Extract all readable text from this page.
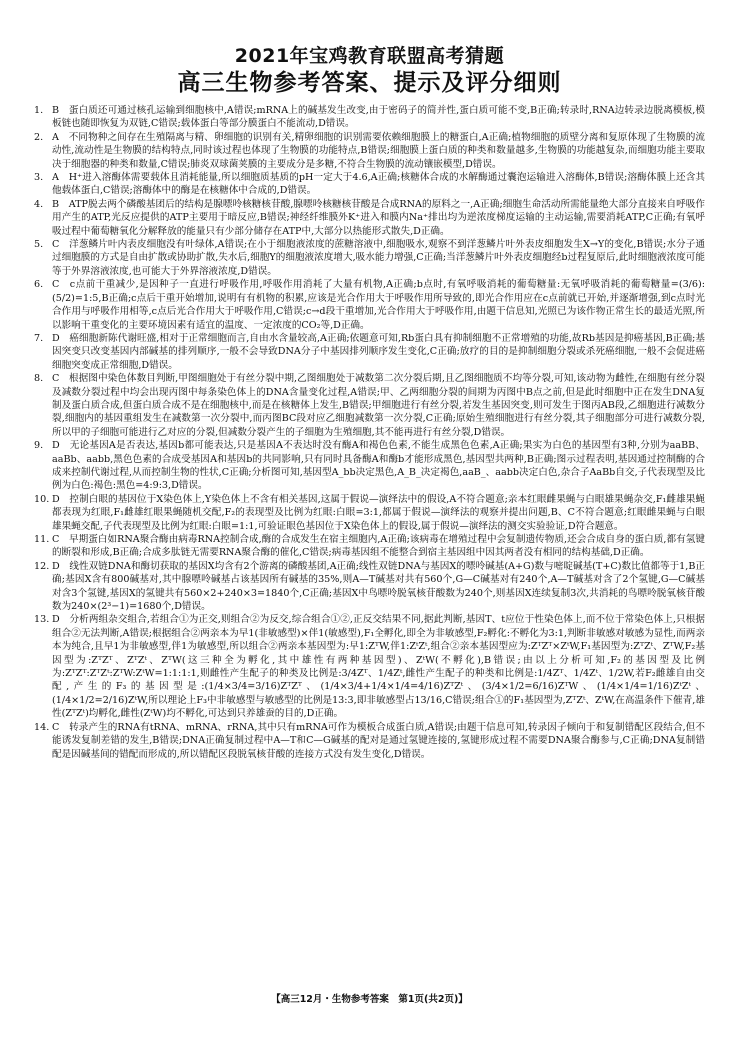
2021年宝鸡教育联盟高考猜题
高三生物参考答案、提示及评分细则
1. B　蛋白质还可通过核孔运输到细胞核中,A错误;mRNA上的碱基发生改变,由于密码子的简并性,蛋白质可能不变,B正确;转录时,RNA边转录边脱离模板,模板链也随即恢复为双链,C错误;载体蛋白等部分膜蛋白不能流动,D错误。
2. A　不同物种之间存在生殖隔离与精、卵细胞的识别有关,精卵细胞的识别需要依赖细胞膜上的糖蛋白,A正确;植物细胞的质壁分离和复原体现了生物膜的流动性,流动性是生物膜的结构特点,同时该过程也体现了生物膜的功能特点,B错误;细胞膜上蛋白质的种类和数量越多,生物膜的功能越复杂,而细胞功能主要取决于细胞器的种类和数量,C错误;肺炎双球菌荚膜的主要成分是多糖,不符合生物膜的流动镶嵌模型,D错误。
3. A　H⁺进入溶酶体需要载体且消耗能量,所以细胞质基质的pH一定大于4.6,A正确;核糖体合成的水解酶通过囊泡运输进入溶酶体,B错误;溶酶体膜上还含其他载体蛋白,C错误;溶酶体中的酶是在核糖体中合成的,D错误。
4. B　ATP脱去两个磷酸基团后的结构是腺嘌呤核糖核苷酸,腺嘌呤核糖核苷酸是合成RNA的原料之一,A正确;细胞生命活动所需能量绝大部分直接来自呼吸作用产生的ATP,光反应提供的ATP主要用于暗反应,B错误;神经纤维膜外K⁺进入和膜内Na⁺排出均为逆浓度梯度运输的主动运输,需要消耗ATP,C正确;有氧呼吸过程中葡萄糖氧化分解释放的能量只有少部分储存在ATP中,大部分以热能形式散失,D正确。
5. C　洋葱鳞片叶内表皮细胞没有叶绿体,A错误;在小于细胞液浓度的蔗糖溶液中,细胞吸水,观察不到洋葱鳞片叶外表皮细胞发生X→Y的变化,B错误;水分子通过细胞膜的方式是自由扩散或协助扩散,失水后,细胞Y的细胞液浓度增大,吸水能力增强,C正确;当洋葱鳞片叶外表皮细胞经b过程复原后,此时细胞液浓度可能等于外界溶液浓度,也可能大于外界溶液浓度,D错误。
6. C　c点前干重减少,是因种子一直进行呼吸作用,呼吸作用消耗了大量有机物,A正确;b点时,有氧呼吸消耗的葡萄糖量:无氧呼吸消耗的葡萄糖量=(3/6):(5/2)=1:5,B正确;c点后干重开始增加,说明有有机物的积累,应该是光合作用大于呼吸作用所导致的,即光合作用应在c点前就已开始,并逐渐增强,到c点时光合作用与呼吸作用相等,c点后光合作用大于呼吸作用,C错误;c→d段干重增加,光合作用大于呼吸作用,由题干信息知,光照已为该作物正常生长的最适光照,所以影响干重变化的主要环境因素有适宜的温度、一定浓度的CO₂等,D正确。
7. D　癌细胞新陈代谢旺盛,相对于正常细胞而言,自由水含量较高,A正确;依题意可知,Rb蛋白具有抑制细胞不正常增殖的功能,故Rb基因是抑癌基因,B正确;基因突变只改变基因内部碱基的排列顺序,一般不会导致DNA分子中基因排列顺序发生变化,C正确;放疗的目的是抑制细胞分裂或杀死癌细胞,一般不会促进癌细胞突变成正常细胞,D错误。
8. C　根据图中染色体数目判断,甲图细胞处于有丝分裂中期,乙图细胞处于减数第二次分裂后期,且乙图细胞质不均等分裂,可知,该动物为雌性,在细胞有丝分裂及减数分裂过程中均会出现丙图中每条染色体上的DNA含量变化过程,A错误;甲、乙两细胞分裂的间期为丙图中B点之前,但是此时细胞中正在发生DNA复制及蛋白质合成,但蛋白质合成不是在细胞核中,而是在核糖体上发生,B错误;甲细胞进行有丝分裂,若发生基因突变,则可发生于图丙AB段,乙细胞进行减数分裂,细胞内的基因重组发生在减数第一次分裂中,而丙图BC段对应乙细胞减数第一次分裂,C正确;原始生殖细胞进行有丝分裂,其子细胞部分可进行减数分裂,所以甲的子细胞可能进行乙对应的分裂,但减数分裂产生的子细胞为生殖细胞,其不能再进行有丝分裂,D错误。
9. D　无论基因A是否表达,基因b都可能表达,只是基因A不表达时没有酶A和褐色色素,不能生成黑色色素,A正确;果实为白色的基因型有3种,分别为aaBB、aaBb、aabb,黑色色素的合成受基因A和基因b的共同影响,只有同时具备酶A和酶b才能形成黑色,基因型共两种,B正确;图示过程表明,基因通过控制酶的合成来控制代谢过程,从而控制生物的性状,C正确;分析图可知,基因型A_bb决定黑色,A_B_决定褐色,aaB_、aabb决定白色,杂合子AaBb自交,子代表现型及比例为白色:褐色:黑色=4:9:3,D错误。
10. D　控制白眼的基因位于X染色体上,Y染色体上不含有相关基因,这属于假说—演绎法中的假设,A不符合题意;亲本红眼雌果蝇与白眼雄果蝇杂交,F₁雌雄果蝇都表现为红眼,F₁雌雄红眼果蝇随机交配,F₂的表现型及比例为红眼:白眼=3:1,都属于假说—演绎法的观察并提出问题,B、C不符合题意;红眼雌果蝇与白眼雄果蝇交配,子代表现型及比例为红眼:白眼=1:1,可验证眼色基因位于X染色体上的假设,属于假说—演绎法的测交实验验证,D符合题意。
11. C　早期蛋白如RNA聚合酶由病毒RNA控制合成,酶的合成发生在宿主细胞内,A正确;该病毒在增殖过程中会复制遗传物质,还会合成自身的蛋白质,都有氢键的断裂和形成,B正确;合成多肽链无需要RNA聚合酶的催化,C错误;病毒基因组不能整合到宿主基因组中因其两者没有相同的结构基础,D正确。
12. D　线性双链DNA和酶切获取的基因X均含有2个游离的磷酸基团,A正确;线性双链DNA与基因X的嘌呤碱基(A+G)数与嘧啶碱基(T+C)数比值都等于1,B正确;基因X含有800碱基对,其中腺嘌呤碱基占该基因所有碱基的35%,则A—T碱基对共有560个,G—C碱基对有240个,A—T碱基对含了2个氢键,G—C碱基对含3个氢键,基因X的氢键共有560×2+240×3=1840个,C正确;基因X中鸟嘌呤脱氧核苷酸数为240个,则基因X连续复制3次,共消耗的鸟嘌呤脱氧核苷酸数为240×(2³−1)=1680个,D错误。
13. D　分析两组杂交组合,若组合①为正交,则组合②为反交,综合组合①②,正反交结果不同,据此判断,基因T、t应位于性染色体上,而不位于常染色体上,只根据组合②无法判断,A错误;根据组合②两亲本为早1(非敏感型)×伴1(敏感型),F₁全孵化,即全为非敏感型,F₂孵化:不孵化为3:1,判断非敏感对敏感为显性,而两亲本为纯合,且早1为非敏感型,伴1为敏感型,所以组合②两亲本基因型为:早1:ZᵀW,伴1:ZᵗZᵗ,组合②亲本基因型应为:ZᵀZᵀ×ZᵗW,F₁基因型为:ZᵀZᵗ、ZᵀW,F₂基因型为:ZᵀZᵀ、ZᵀZᵗ、ZᵀW(这三种全为孵化,其中雄性有两种基因型)、ZᵗW(不孵化),B错误;由以上分析可知,F₂的基因型及比例为:ZᵀZᵀ:ZᵀZᵗ:ZᵀW:ZᵗW=1:1:1:1,则雌性产生配子的种类及比例是:3/4Zᵀ、1/4Zᵗ,雌性产生配子的种类和比例是:1/4Zᵀ、1/4Zᵗ、1/2W,若F₂雌雄自由交配,产生的F₃的基因型是:(1/4×3/4=3/16)ZᵀZᵀ、(1/4×3/4+1/4×1/4=4/16)ZᵀZᵗ、(3/4×1/2=6/16)ZᵀW、(1/4×1/4=1/16)ZᵗZᵗ、(1/4×1/2=2/16)ZᵗW,所以理论上F₃中非敏感型与敏感型的比例是13:3,即非敏感型占13/16,C错误;组合①的F₁基因型为,ZᵀZᵗ、ZᵗW,在高温条件下催青,雄性(ZᵀZᵗ)均孵化,雌性(ZᵗW)均不孵化,可达到只养雄蚕的目的,D正确。
14. C　转录产生的RNA有tRNA、mRNA、rRNA,其中只有mRNA可作为模板合成蛋白质,A错误;由题干信息可知,转录因子倾向于和复制错配区段结合,但不能诱发复制差错的发生,B错误;DNA正确复制过程中A—T和C—G碱基的配对是通过氢键连接的,氢键形成过程不需要DNA聚合酶参与,C正确;DNA复制错配是因碱基间的错配而形成的,所以错配区段脱氧核苷酸的连接方式没有发生变化,D错误。
【高三12月・生物参考答案　第1页(共2页)】
